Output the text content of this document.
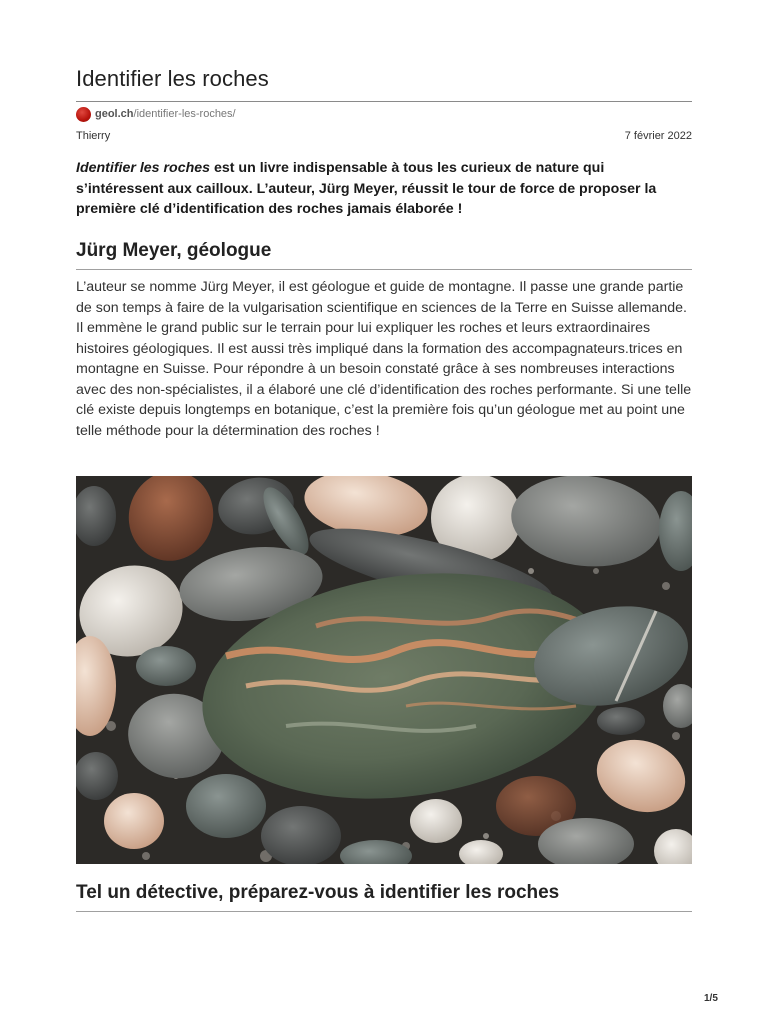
Identifier les roches
geol.ch /identifier-les-roches/
Thierry	7 février 2022

Identifier les roches est un livre indispensable à tous les curieux de nature qui s’intéressent aux cailloux. L’auteur, Jürg Meyer, réussit le tour de force de proposer la première clé d’identification des roches jamais élaborée !

Jürg Meyer, géologue

L’auteur se nomme Jürg Meyer, il est géologue et guide de montagne. Il passe une grande partie de son temps à faire de la vulgarisation scientifique en sciences de la Terre en Suisse allemande. Il emmène le grand public sur le terrain pour lui expliquer les roches et leurs extraordinaires histoires géologiques. Il est aussi très impliqué dans la formation des accompagnateurs.trices en montagne en Suisse. Pour répondre à un besoin constaté grâce à ses nombreuses interactions avec des non-spécialistes, il a élaboré une clé d’identification des roches performante. Si une telle clé existe depuis longtemps en botanique, c’est la première fois qu’un géologue met au point une telle méthode pour la détermination des roches !

Tel un détective, préparez-vous à identifier les roches
1/5
